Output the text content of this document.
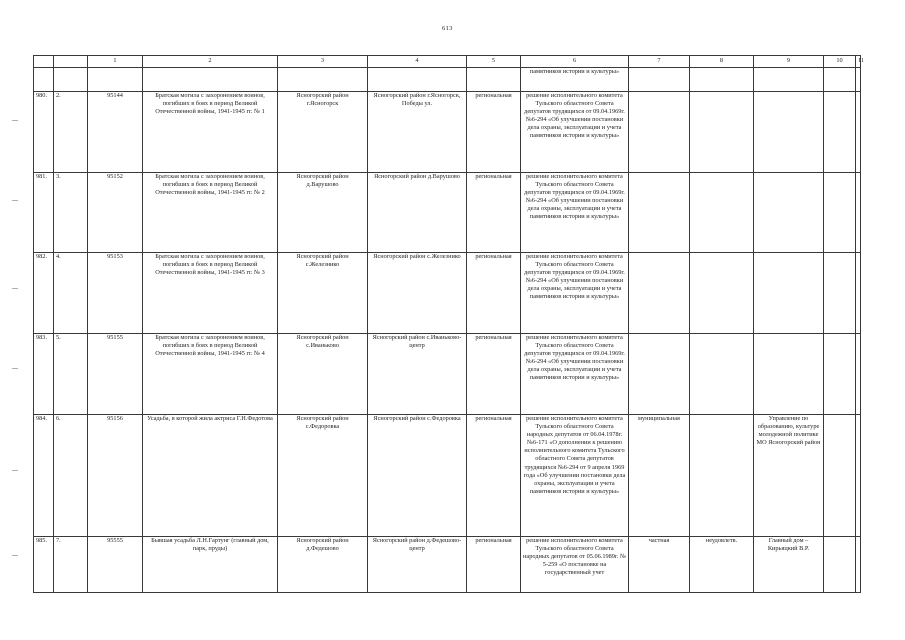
613
		1	2	3	4	5	6	7	8	9	10	11
							памятников истории и культуры»					
980.	2.	95144	Братская могила с захоронением воинов, погибших в боях в период Великой Отечественной войны, 1941-1945 гг. № 1	Ясногорский район г.Ясногорск	Ясногорский район г.Ясногорск, Победы ул.	региональная	решение исполнительного комитета Тульского областного Совета депутатов трудящихся от 09.04.1969г. №6-294 «Об улучшении постановки дела охраны, эксплуатации и учета памятников истории и культуры»					
981.	3.	95152	Братская могила с захоронением воинов, погибших в боях в период Великой Отечественной войны, 1941-1945 гг. № 2	Ясногорский район д.Варушово	Ясногорский район д.Варушово	региональная	решение исполнительного комитета Тульского областного Совета депутатов трудящихся от 09.04.1969г. №6-294 «Об улучшении постановки дела охраны, эксплуатации и учета памятников истории и культуры»					
982.	4.	95153	Братская могила с захоронением воинов, погибших в боях в период Великой Отечественной войны, 1941-1945 гг. № 3	Ясногорский район с.Железнико	Ясногорский район с.Железнико	региональная	решение исполнительного комитета Тульского областного Совета депутатов трудящихся от 09.04.1969г. №6-294 «Об улучшении постановки дела охраны, эксплуатации и учета памятников истории и культуры»					
983.	5.	95155	Братская могила с захоронением воинов, погибших в боях в период Великой Отечественной войны, 1941-1945 гг. № 4	Ясногорский район с.Иваньково	Ясногорский район с.Иваньково-центр	региональная	решение исполнительного комитета Тульского областного Совета депутатов трудящихся от 09.04.1969г. №6-294 «Об улучшении постановки дела охраны, эксплуатации и учета памятников истории и культуры»					
984.	6.	95156	Усадьба, в которой жила актриса Г.Н.Федотова	Ясногорский район с.Федоровка	Ясногорский район с.Федоровка	региональная	решение исполнительного комитета Тульского областного Совета народных депутатов от 06.04.1978г. №6-171 «О дополнении к решению исполнительного комитета Тульского областного Совета депутатов трудящихся №6-294 от 9 апреля 1969 года «Об улучшении постановки дела охраны, эксплуатации и учета памятников истории и культуры»	муниципальная		Управление по образованию, культуре молодежной политике МО Ясногорский район		
985.	7.	95555	Бывшая усадьба Л.Н.Гартунг (главный дом, парк, пруды)	Ясногорский район д.Федешово	Ясногорский район д.Федешово-центр	региональная	решение исполнительного комитета Тульского областного Совета народных депутатов от 05.06.1989г. № 5-259 «О постановке на государственный учет	частная	неудовлетв.	Главный дом – Кирьяцкий В.Р.		
